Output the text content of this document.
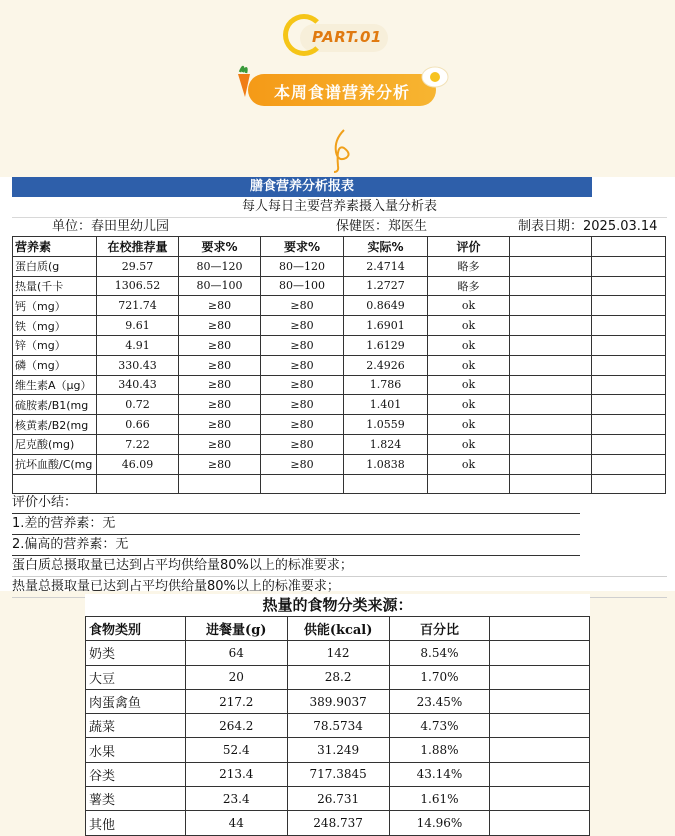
PART.01
本周食谱营养分析
膳食营养分析报表
每人每日主要营养素摄入量分析表
单位：春田里幼儿园	保健医：郑医生	制表日期：2025.03.14
营养素	在校推荐量	要求%	要求%	实际%	评价		
蛋白质(g	29.57	80—120	80—120	2.4714	略多		
热量(千卡	1306.52	80—100	80—100	1.2727	略多		
钙（mg）	721.74	≥80	≥80	0.8649	ok		
铁（mg）	9.61	≥80	≥80	1.6901	ok		
锌（mg）	4.91	≥80	≥80	1.6129	ok		
磷（mg）	330.43	≥80	≥80	2.4926	ok		
维生素A（μg）	340.43	≥80	≥80	1.786	ok		
硫胺素/B1(mg	0.72	≥80	≥80	1.401	ok		
核黄素/B2(mg	0.66	≥80	≥80	1.0559	ok		
尼克酸(mg)	7.22	≥80	≥80	1.824	ok		
抗坏血酸/C(mg	46.09	≥80	≥80	1.0838	ok		

评价小结：
1.差的营养素：无
2.偏高的营养素：无
蛋白质总摄取量已达到占平均供给量80%以上的标准要求；
热量总摄取量已达到占平均供给量80%以上的标准要求；
热量的食物分类来源：
食物类别	进餐量(g)	供能(kcal)	百分比	
奶类	64	142	8.54%	
大豆	20	28.2	1.70%	
肉蛋禽鱼	217.2	389.9037	23.45%	
蔬菜	264.2	78.5734	4.73%	
水果	52.4	31.249	1.88%	
谷类	213.4	717.3845	43.14%	
薯类	23.4	26.731	1.61%	
其他	44	248.737	14.96%	
